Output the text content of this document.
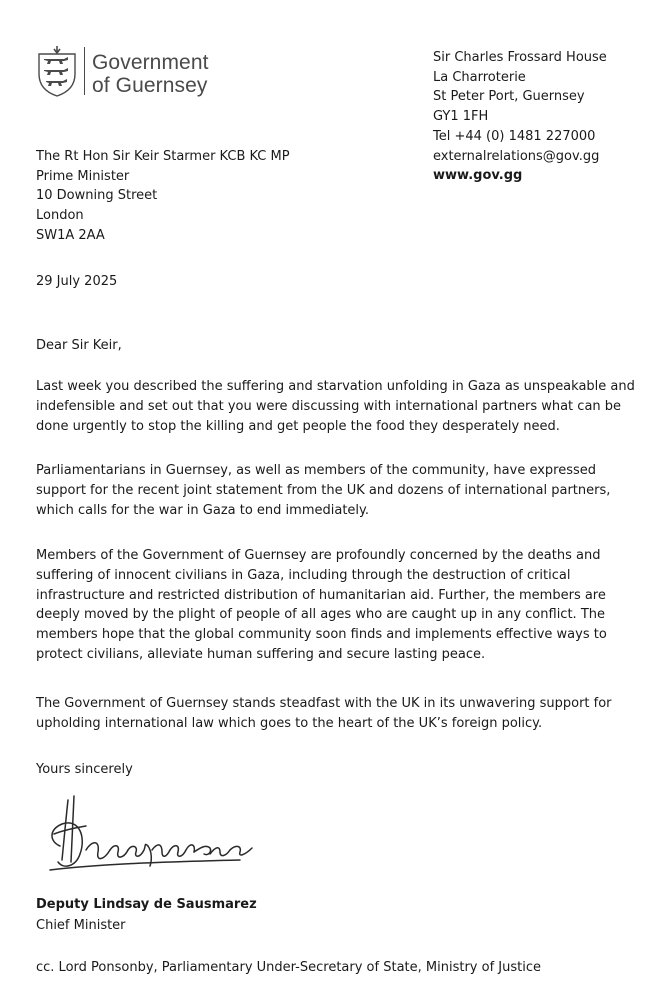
Government
of Guernsey
Sir Charles Frossard House
La Charroterie
St Peter Port, Guernsey
GY1 1FH
Tel +44 (0) 1481 227000
externalrelations@gov.gg
www.gov.gg
The Rt Hon Sir Keir Starmer KCB KC MP
Prime Minister
10 Downing Street
London
SW1A 2AA
29 July 2025
Dear Sir Keir,
Last week you described the suffering and starvation unfolding in Gaza as unspeakable and
indefensible and set out that you were discussing with international partners what can be
done urgently to stop the killing and get people the food they desperately need.
Parliamentarians in Guernsey, as well as members of the community, have expressed
support for the recent joint statement from the UK and dozens of international partners,
which calls for the war in Gaza to end immediately.
Members of the Government of Guernsey are profoundly concerned by the deaths and
suffering of innocent civilians in Gaza, including through the destruction of critical
infrastructure and restricted distribution of humanitarian aid. Further, the members are
deeply moved by the plight of people of all ages who are caught up in any conflict. The
members hope that the global community soon finds and implements effective ways to
protect civilians, alleviate human suffering and secure lasting peace.
The Government of Guernsey stands steadfast with the UK in its unwavering support for
upholding international law which goes to the heart of the UK’s foreign policy.
Yours sincerely
Deputy Lindsay de Sausmarez
Chief Minister
cc. Lord Ponsonby, Parliamentary Under-Secretary of State, Ministry of Justice
